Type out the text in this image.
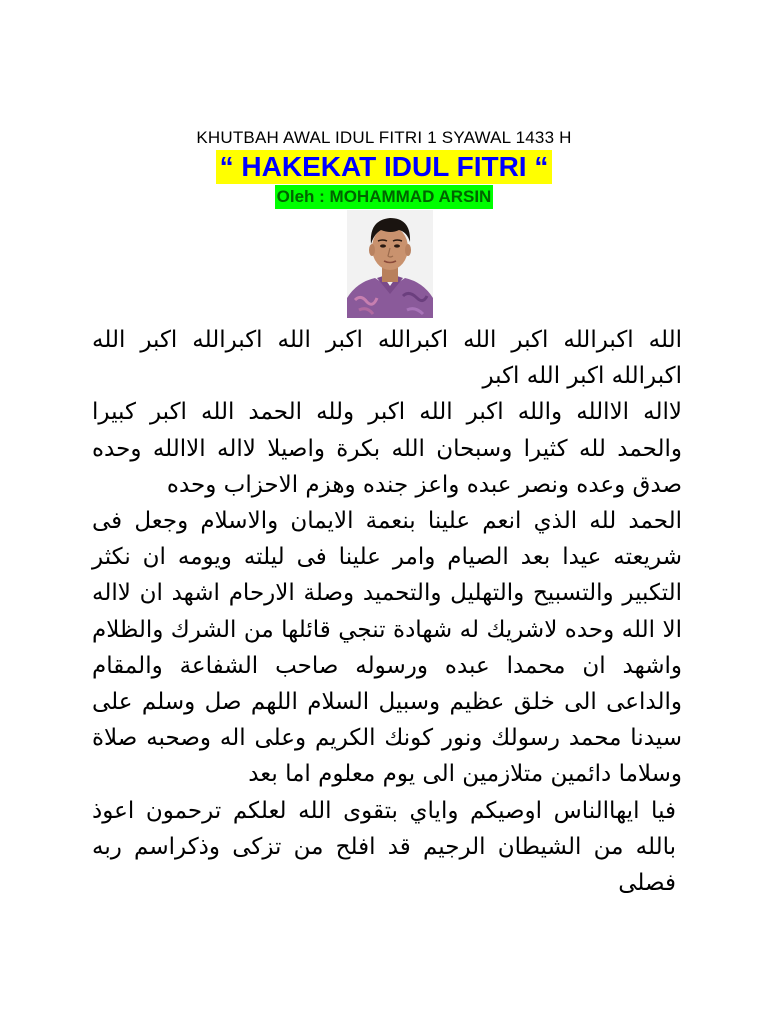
KHUTBAH AWAL IDUL FITRI 1 SYAWAL 1433 H
“ HAKEKAT IDUL FITRI “
Oleh : MOHAMMAD ARSIN

الله اكبرالله اكبر الله اكبرالله اكبر الله اكبرالله اكبر الله اكبرالله اكبر الله اكبر

لااله الاالله والله اكبر الله اكبر ولله الحمد الله اكبر كبيرا والحمد لله كثيرا وسبحان الله بكرة واصيلا لااله الاالله وحده صدق وعده ونصر عبده واعز جنده وهزم الاحزاب وحده

الحمد لله الذي انعم علينا بنعمة الايمان والاسلام وجعل فى شريعته عيدا بعد الصيام وامر علينا فى ليلته ويومه ان نكثر التكبير والتسبيح والتهليل والتحميد وصلة الارحام اشهد ان لااله الا الله وحده لاشريك له شهادة تنجي قائلها من الشرك والظلام واشهد ان محمدا عبده ورسوله صاحب الشفاعة والمقام والداعى الى خلق عظيم وسبيل السلام اللهم صل وسلم على سيدنا محمد رسولك ونور كونك الكريم وعلى اله وصحبه صلاة وسلاما دائمين متلازمين الى يوم معلوم اما بعد

فيا ايهاالناس اوصيكم واياي بتقوى الله لعلكم ترحمون اعوذ بالله من الشيطان الرجيم قد افلح من تزكى وذكراسم ربه فصلى
